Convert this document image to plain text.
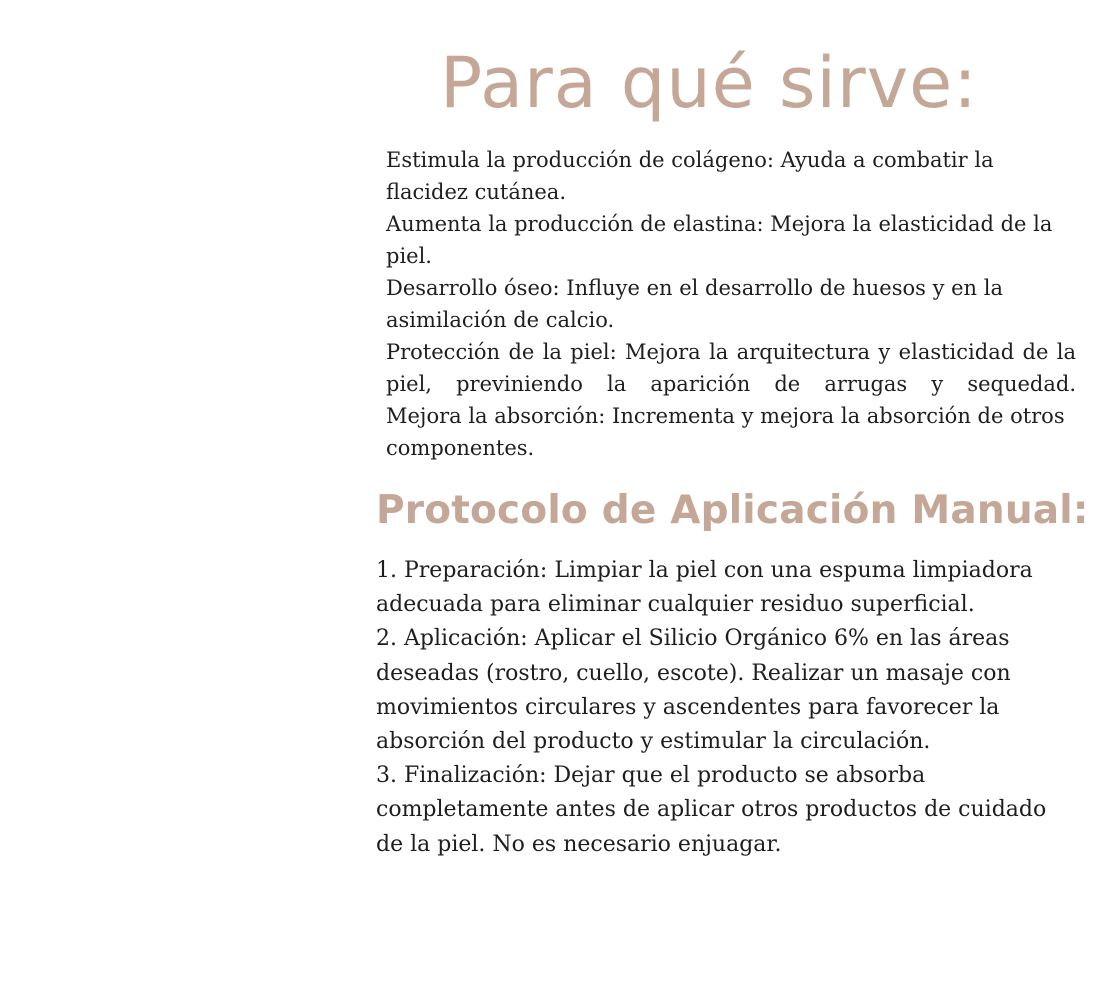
Para qué sirve:
Estimula la producción de colágeno: Ayuda a combatir la flacidez cutánea.
Aumenta la producción de elastina: Mejora la elasticidad de la piel.
Desarrollo óseo: Influye en el desarrollo de huesos y en la asimilación de calcio.
Protección de la piel: Mejora la arquitectura y elasticidad de la piel, previniendo la aparición de arrugas y sequedad.
Mejora la absorción: Incrementa y mejora la absorción de otros componentes.
Protocolo de Aplicación Manual:
1. Preparación: Limpiar la piel con una espuma limpiadora adecuada para eliminar cualquier residuo superficial.
2. Aplicación: Aplicar el Silicio Orgánico 6% en las áreas deseadas (rostro, cuello, escote). Realizar un masaje con movimientos circulares y ascendentes para favorecer la absorción del producto y estimular la circulación.
3. Finalización: Dejar que el producto se absorba completamente antes de aplicar otros productos de cuidado de la piel. No es necesario enjuagar.
